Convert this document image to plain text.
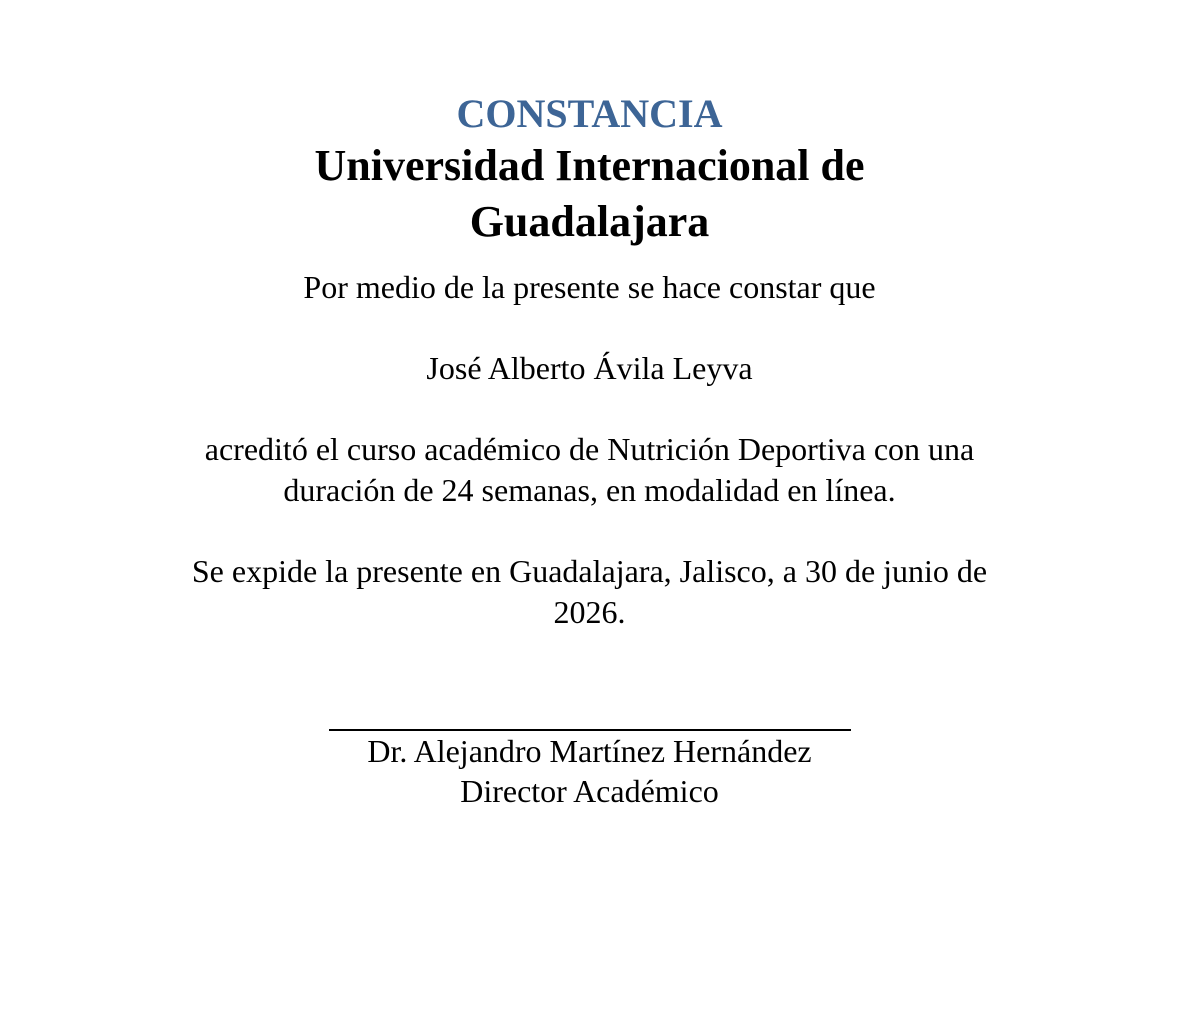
CONSTANCIA
Universidad Internacional de Guadalajara
Por medio de la presente se hace constar que
José Alberto Ávila Leyva
acreditó el curso académico de Nutrición Deportiva con una duración de 24 semanas, en modalidad en línea.
Se expide la presente en Guadalajara, Jalisco, a 30 de junio de 2026.
Dr. Alejandro Martínez Hernández
Director Académico
